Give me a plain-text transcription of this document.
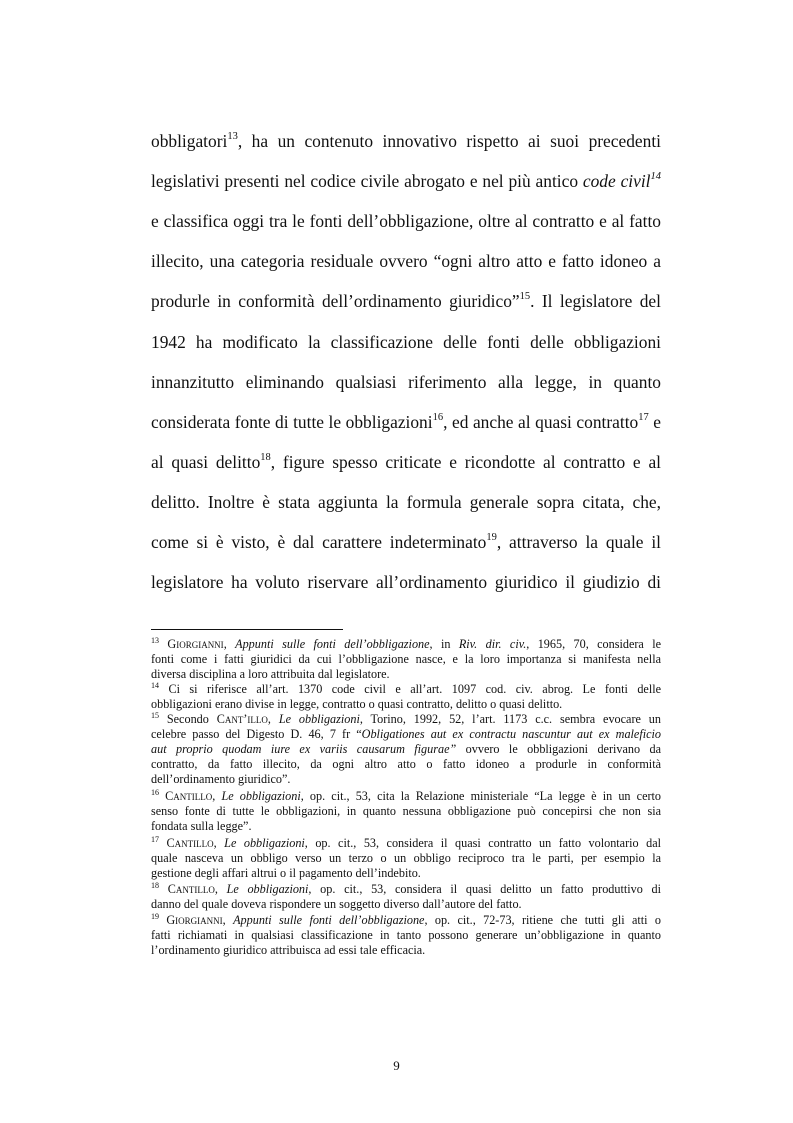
obbligatori$^{13}$, ha un contenuto innovativo rispetto ai suoi precedenti
legislativi presenti nel codice civile abrogato e nel più antico code civil$^{14}$
e classifica oggi tra le fonti dell’obbligazione, oltre al contratto e al fatto
illecito, una categoria residuale ovvero “ogni altro atto e fatto idoneo a
produrle in conformità dell’ordinamento giuridico”$^{15}$. Il legislatore del
1942 ha modificato la classificazione delle fonti delle obbligazioni
innanzitutto eliminando qualsiasi riferimento alla legge, in quanto
considerata fonte di tutte le obbligazioni$^{16}$, ed anche al quasi contratto$^{17}$ e
al quasi delitto$^{18}$, figure spesso criticate e ricondotte al contratto e al
delitto. Inoltre è stata aggiunta la formula generale sopra citata, che,
come si è visto, è dal carattere indeterminato$^{19}$, attraverso la quale il
legislatore ha voluto riservare all’ordinamento giuridico il giudizio di
$^{13}$ Giorgianni, Appunti sulle fonti dell’obbligazione, in Riv. dir. civ., 1965, 70, considera le
fonti come i fatti giuridici da cui l’obbligazione nasce, e la loro importanza si manifesta nella
diversa disciplina a loro attribuita dal legislatore.
$^{14}$ Ci si riferisce all’art. 1370 code civil e all’art. 1097 cod. civ. abrog. Le fonti delle
obbligazioni erano divise in legge, contratto o quasi contratto, delitto o quasi delitto.
$^{15}$ Secondo Cant’illo, Le obbligazioni, Torino, 1992, 52, l’art. 1173 c.c. sembra evocare un
celebre passo del Digesto D. 46, 7 fr “Obligationes aut ex contractu nascuntur aut ex maleficio
aut proprio quodam iure ex variis causarum figurae” ovvero le obbligazioni derivano da
contratto, da fatto illecito, da ogni altro atto o fatto idoneo a produrle in conformità
dell’ordinamento giuridico”.
$^{16}$ Cantillo, Le obbligazioni, op. cit., 53, cita la Relazione ministeriale “La legge è in un certo
senso fonte di tutte le obbligazioni, in quanto nessuna obbligazione può concepirsi che non sia
fondata sulla legge”.
$^{17}$ Cantillo, Le obbligazioni, op. cit., 53, considera il quasi contratto un fatto volontario dal
quale nasceva un obbligo verso un terzo o un obbligo reciproco tra le parti, per esempio la
gestione degli affari altrui o il pagamento dell’indebito.
$^{18}$ Cantillo, Le obbligazioni, op. cit., 53, considera il quasi delitto un fatto produttivo di
danno del quale doveva rispondere un soggetto diverso dall’autore del fatto.
$^{19}$ Giorgianni, Appunti sulle fonti dell’obbligazione, op. cit., 72-73, ritiene che tutti gli atti o
fatti richiamati in qualsiasi classificazione in tanto possono generare un’obbligazione in quanto
l’ordinamento giuridico attribuisca ad essi tale efficacia.
9
